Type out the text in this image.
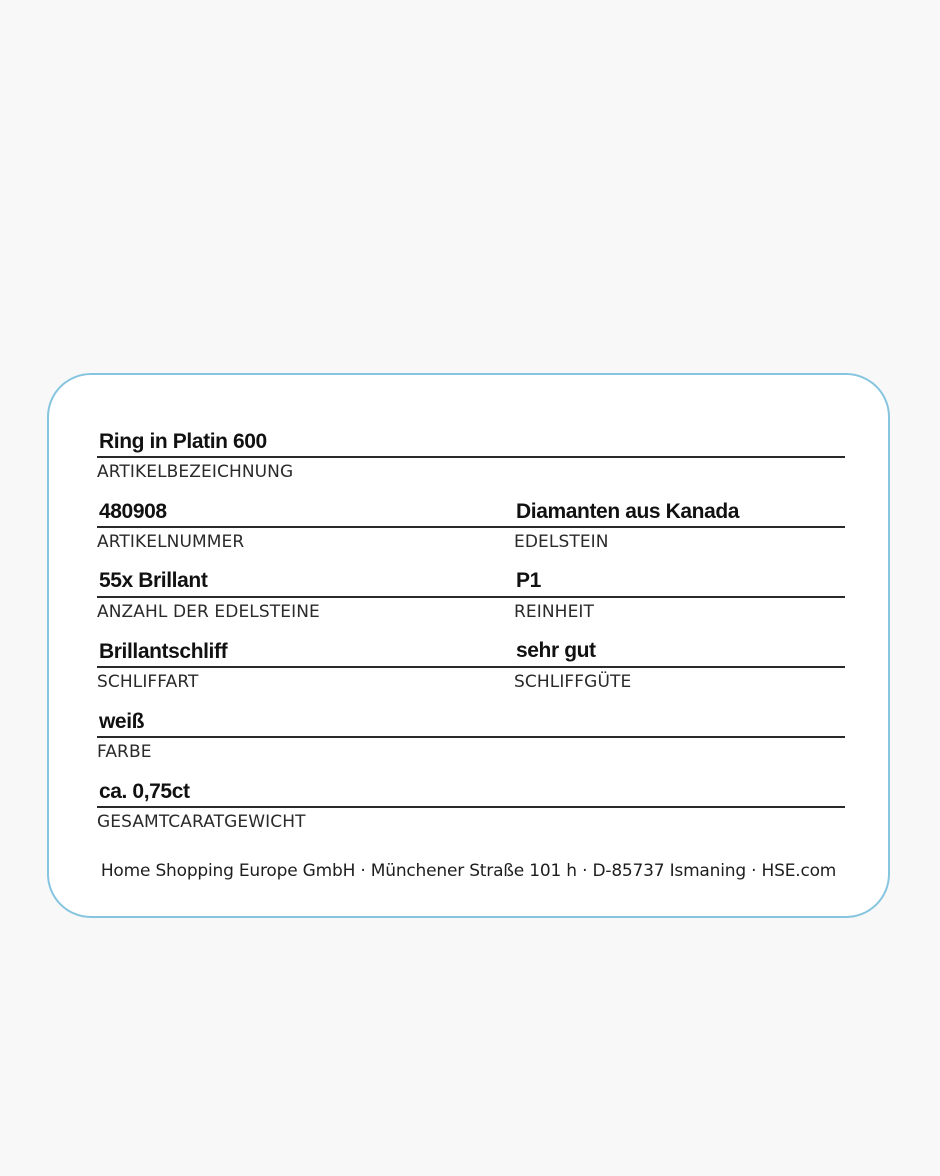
Ring in Platin 600
ARTIKELBEZEICHNUNG
480908
ARTIKELNUMMER
Diamanten aus Kanada
EDELSTEIN
55x Brillant
ANZAHL DER EDELSTEINE
P1
REINHEIT
Brillantschliff
SCHLIFFART
sehr gut
SCHLIFFGÜTE
weiß
FARBE
ca. 0,75ct
GESAMTCARATGEWICHT
Home Shopping Europe GmbH · Münchener Straße 101 h · D-85737 Ismaning · HSE.com
